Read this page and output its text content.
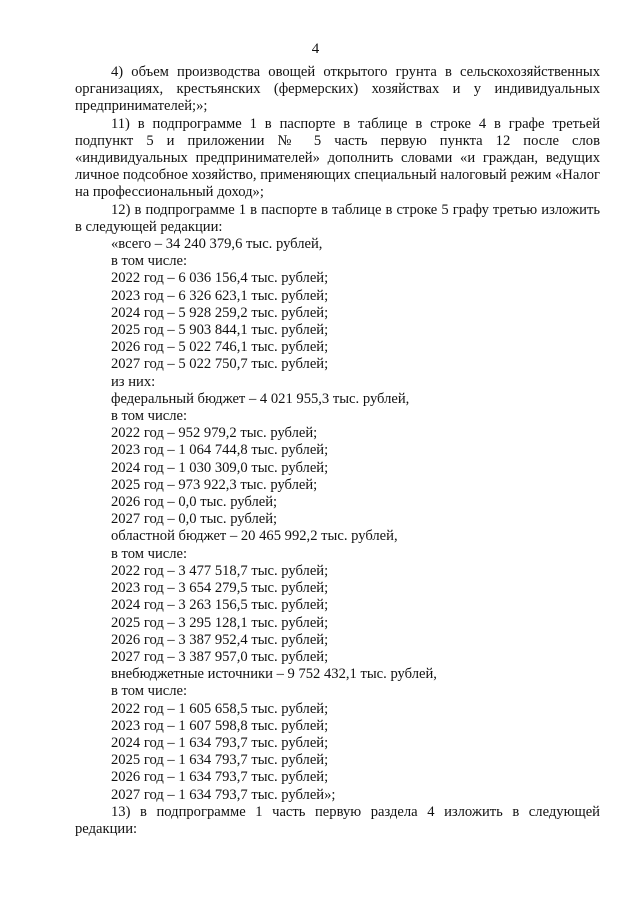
4

4) объем производства овощей открытого грунта в сельскохозяйственных организациях, крестьянских (фермерских) хозяйствах и у индивидуальных предпринимателей;»;

11) в подпрограмме 1 в паспорте в таблице в строке 4 в графе третьей подпункт 5 и приложении № 5 часть первую пункта 12 после слов «индивидуальных предпринимателей» дополнить словами «и граждан, ведущих личное подсобное хозяйство, применяющих специальный налоговый режим «Налог на профессиональный доход»;

12) в подпрограмме 1 в паспорте в таблице в строке 5 графу третью изложить в следующей редакции:

«всего – 34 240 379,6 тыс. рублей,
в том числе:
2022 год – 6 036 156,4 тыс. рублей;
2023 год – 6 326 623,1 тыс. рублей;
2024 год – 5 928 259,2 тыс. рублей;
2025 год – 5 903 844,1 тыс. рублей;
2026 год – 5 022 746,1 тыс. рублей;
2027 год – 5 022 750,7 тыс. рублей;
из них:
федеральный бюджет – 4 021 955,3 тыс. рублей,
в том числе:
2022 год – 952 979,2 тыс. рублей;
2023 год – 1 064 744,8 тыс. рублей;
2024 год – 1 030 309,0 тыс. рублей;
2025 год – 973 922,3 тыс. рублей;
2026 год – 0,0 тыс. рублей;
2027 год – 0,0 тыс. рублей;
областной бюджет – 20 465 992,2 тыс. рублей,
в том числе:
2022 год – 3 477 518,7 тыс. рублей;
2023 год – 3 654 279,5 тыс. рублей;
2024 год – 3 263 156,5 тыс. рублей;
2025 год – 3 295 128,1 тыс. рублей;
2026 год – 3 387 952,4 тыс. рублей;
2027 год – 3 387 957,0 тыс. рублей;
внебюджетные источники – 9 752 432,1 тыс. рублей,
в том числе:
2022 год – 1 605 658,5 тыс. рублей;
2023 год – 1 607 598,8 тыс. рублей;
2024 год – 1 634 793,7 тыс. рублей;
2025 год – 1 634 793,7 тыс. рублей;
2026 год – 1 634 793,7 тыс. рублей;
2027 год – 1 634 793,7 тыс. рублей»;

13) в подпрограмме 1 часть первую раздела 4 изложить в следующей редакции:
